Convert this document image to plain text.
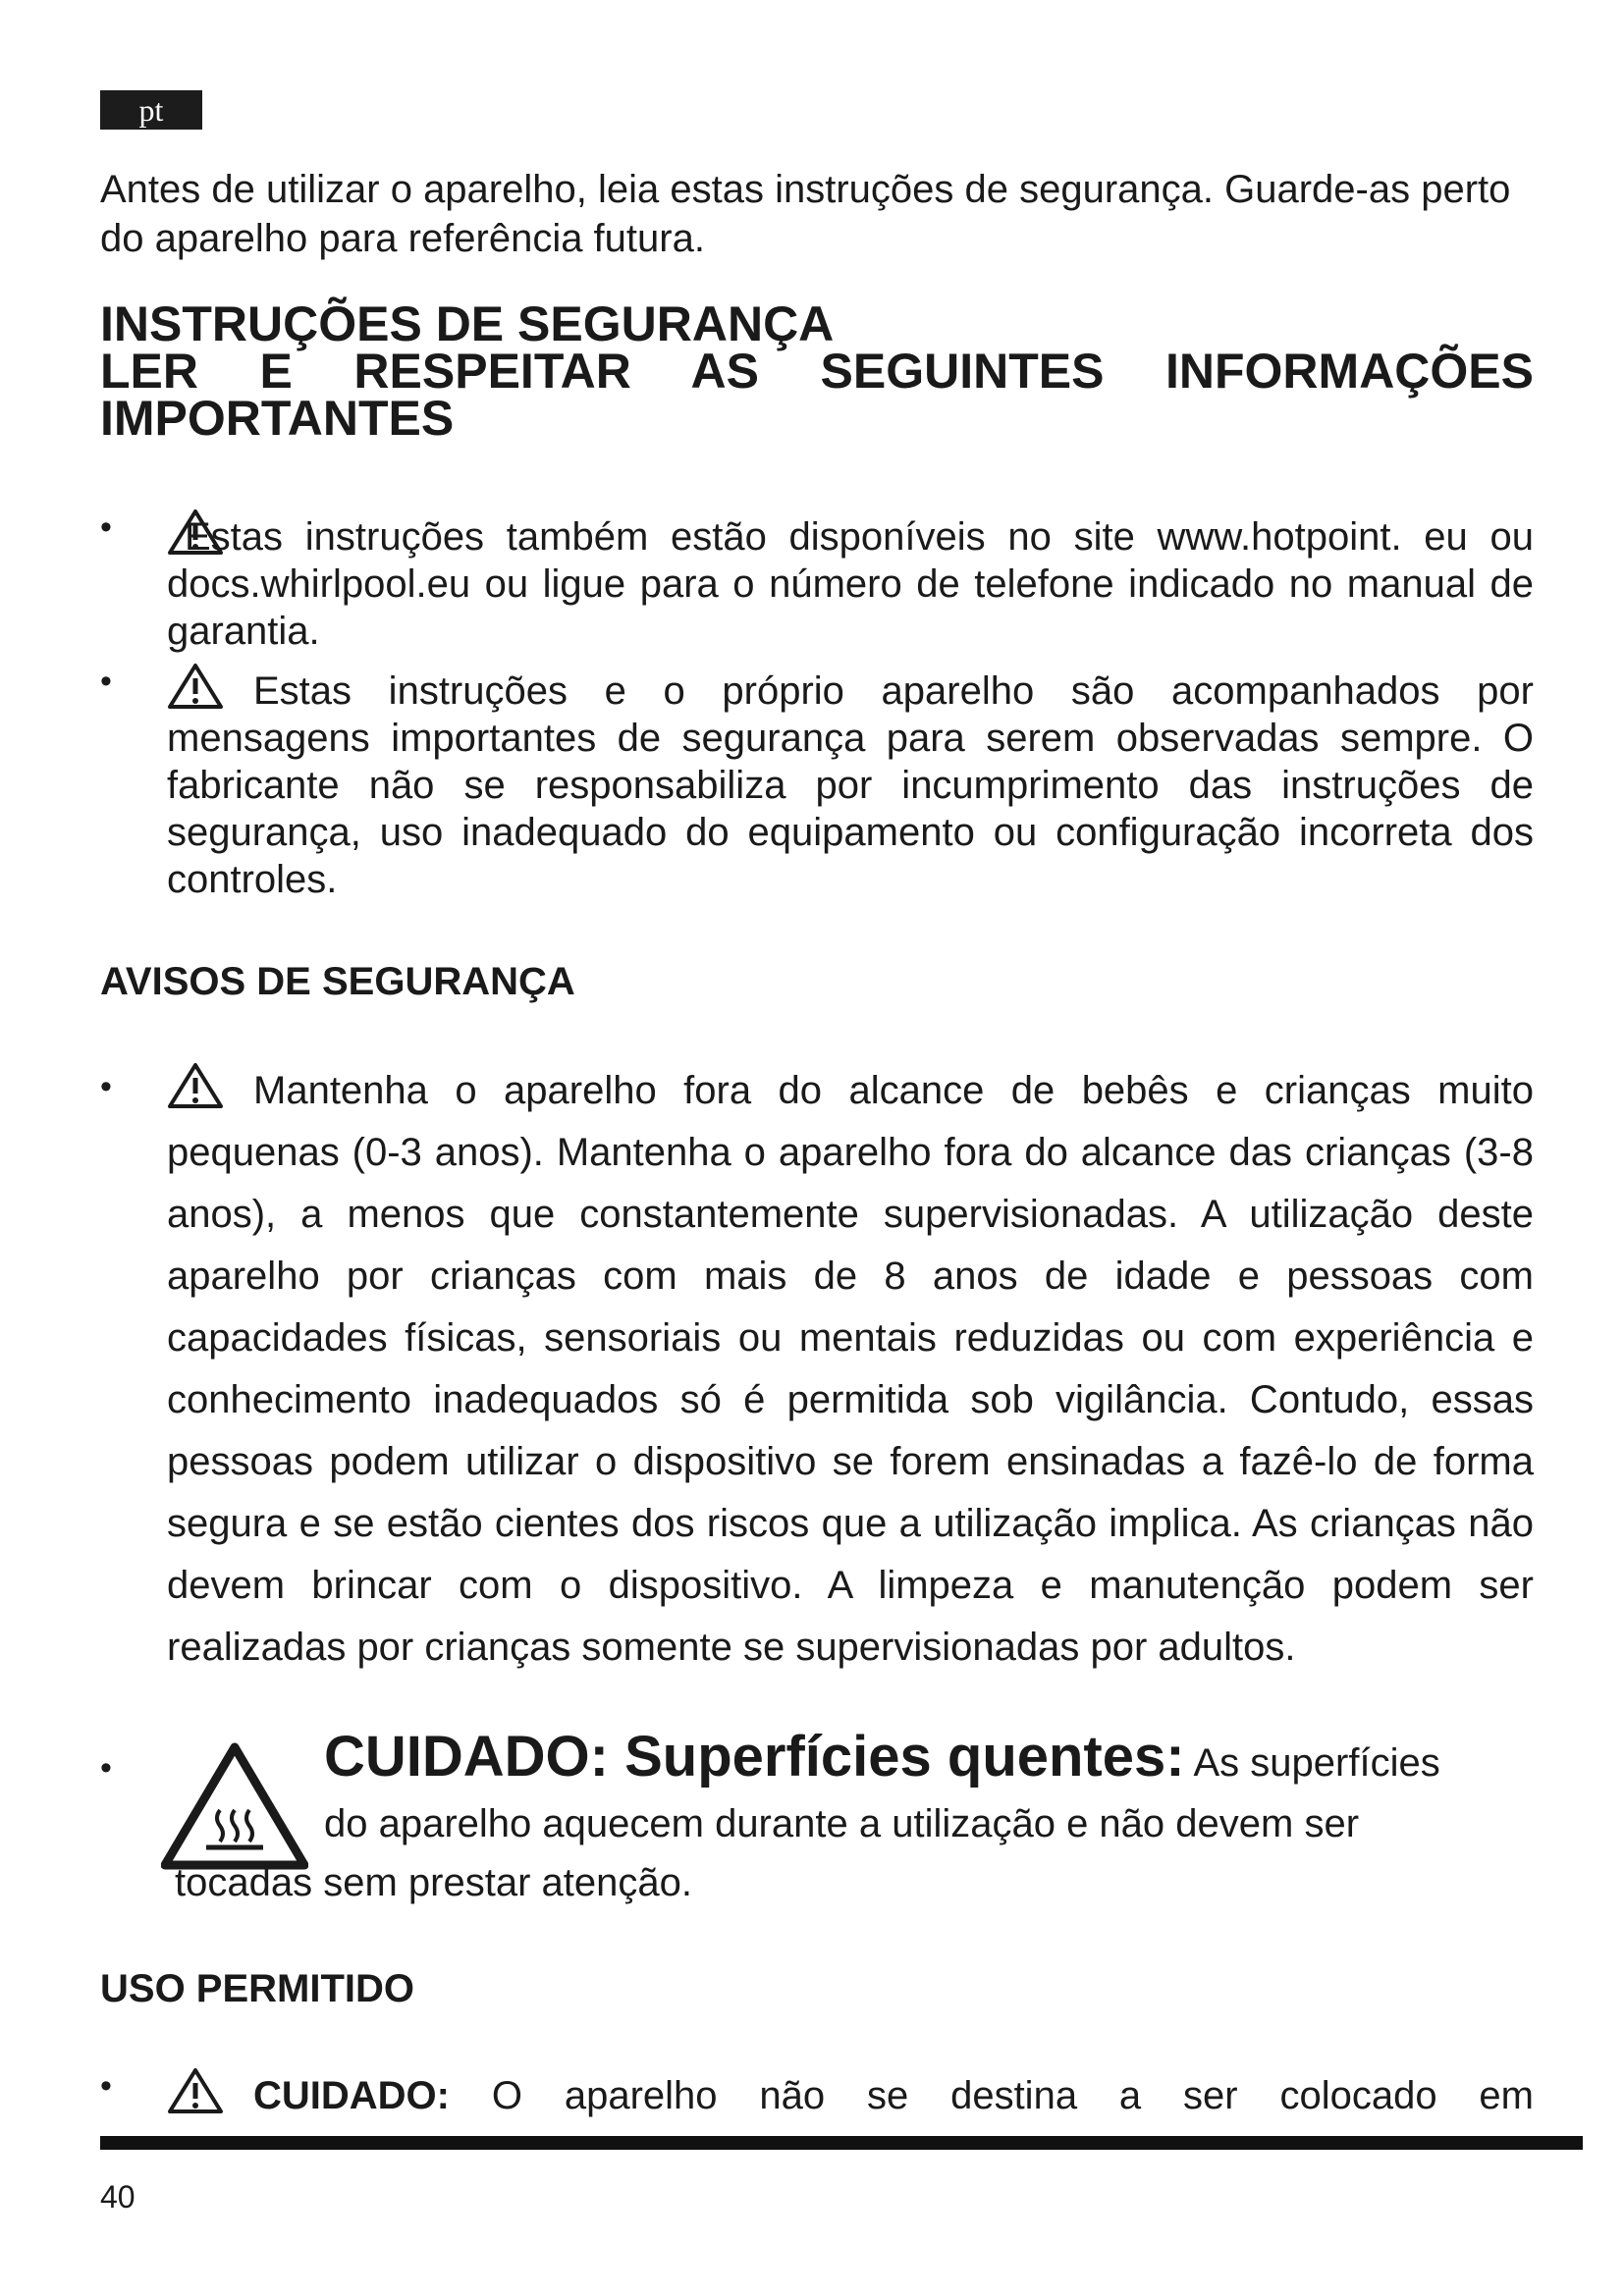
pt

Antes de utilizar o aparelho, leia estas instruções de segurança. Guarde-as perto do aparelho para referência futura.

INSTRUÇÕES DE SEGURANÇA
LER E RESPEITAR AS SEGUINTES INFORMAÇÕES
IMPORTANTES
•	Estas instruções também estão disponíveis no site www.hotpoint. eu ou docs.whirlpool.eu ou ligue para o número de telefone indicado no manual de garantia.

•	Estas instruções e o próprio aparelho são acompanhados por mensagens importantes de segurança para serem observadas sempre. O fabricante não se responsabiliza por incumprimento das instruções de segurança, uso inadequado do equipamento ou configuração incorreta dos controles.

AVISOS DE SEGURANÇA
•	Mantenha o aparelho fora do alcance de bebês e crianças muito pequenas (0-3 anos). Mantenha o aparelho fora do alcance das crianças (3-8 anos), a menos que constantemente supervisionadas. A utilização deste aparelho por crianças com mais de 8 anos de idade e pessoas com capacidades físicas, sensoriais ou mentais reduzidas ou com experiência e conhecimento inadequados só é permitida sob vigilância. Contudo, essas pessoas podem utilizar o dispositivo se forem ensinadas a fazê-lo de forma segura e se estão cientes dos riscos que a utilização implica. As crianças não devem brincar com o dispositivo. A limpeza e manutenção podem ser realizadas por crianças somente se supervisionadas por adultos.

•	CUIDADO: Superfícies quentes: As superfícies
do aparelho aquecem durante a utilização e não devem ser
tocadas sem prestar atenção.
USO PERMITIDO
•	CUIDADO: O aparelho não se destina a ser colocado em

40
